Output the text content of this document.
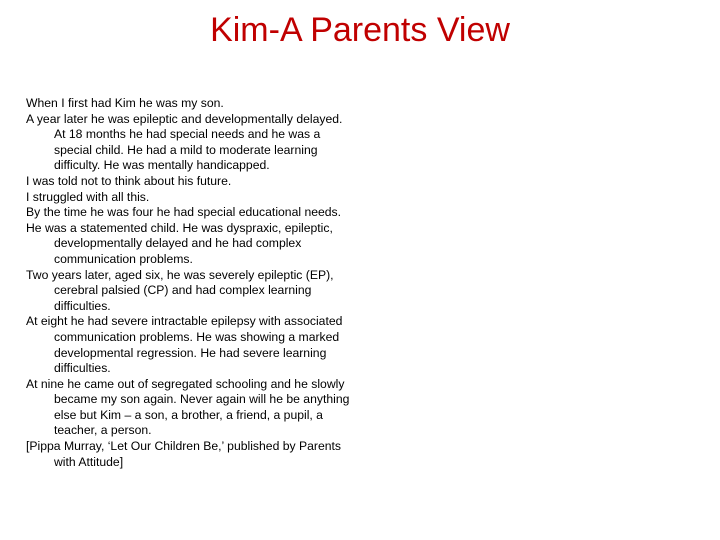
Kim-A Parents View
When I first had Kim he was my son.
A year later he was epileptic and developmentally delayed. At 18 months he had special needs and he was a special child. He had a mild to moderate learning difficulty. He was mentally handicapped.
I was told not to think about his future.
I struggled with all this.
By the time he was four he had special educational needs.
He was a statemented child. He was dyspraxic, epileptic, developmentally delayed and he had complex communication problems.
Two years later, aged six, he was severely epileptic (EP), cerebral palsied (CP) and had complex learning difficulties.
At eight he had severe intractable epilepsy with associated communication problems. He was showing a marked developmental regression. He had severe learning difficulties.
At nine he came out of segregated schooling and he slowly became my son again. Never again will he be anything else but Kim – a son, a brother, a friend, a pupil, a teacher, a person.
[Pippa Murray, ‘Let Our Children Be,’ published by Parents with Attitude]
